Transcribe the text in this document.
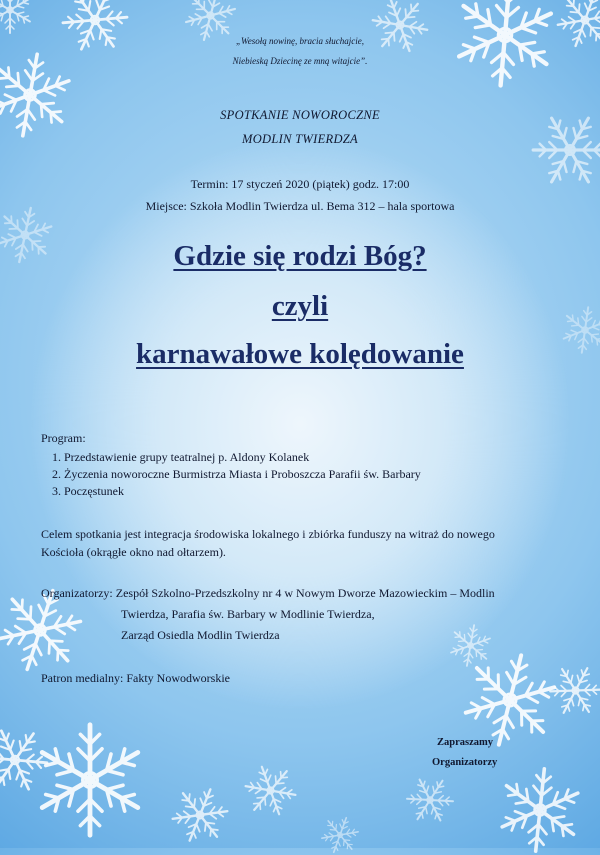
„Wesołą nowinę, bracia słuchajcie,
Niebieską Dziecinę ze mną witajcie”.
SPOTKANIE NOWOROCZNE
MODLIN TWIERDZA
Termin: 17 styczeń 2020 (piątek) godz. 17:00
Miejsce: Szkoła Modlin Twierdza ul. Bema 312 – hala sportowa
Gdzie się rodzi Bóg?
czyli
karnawałowe kolędowanie
Program:
1. Przedstawienie grupy teatralnej p. Aldony Kolanek
2. Życzenia noworoczne Burmistrza Miasta i Proboszcza Parafii św. Barbary
3. Poczęstunek
Celem spotkania jest integracja środowiska lokalnego i zbiórka funduszy na witraż do nowego
Kościoła (okrągłe okno nad ołtarzem).
Organizatorzy: Zespół Szkolno-Przedszkolny nr 4 w Nowym Dworze Mazowieckim – Modlin
Twierdza, Parafia św. Barbary w Modlinie Twierdza,
Zarząd Osiedla Modlin Twierdza
Patron medialny: Fakty Nowodworskie
Zapraszamy
Organizatorzy
